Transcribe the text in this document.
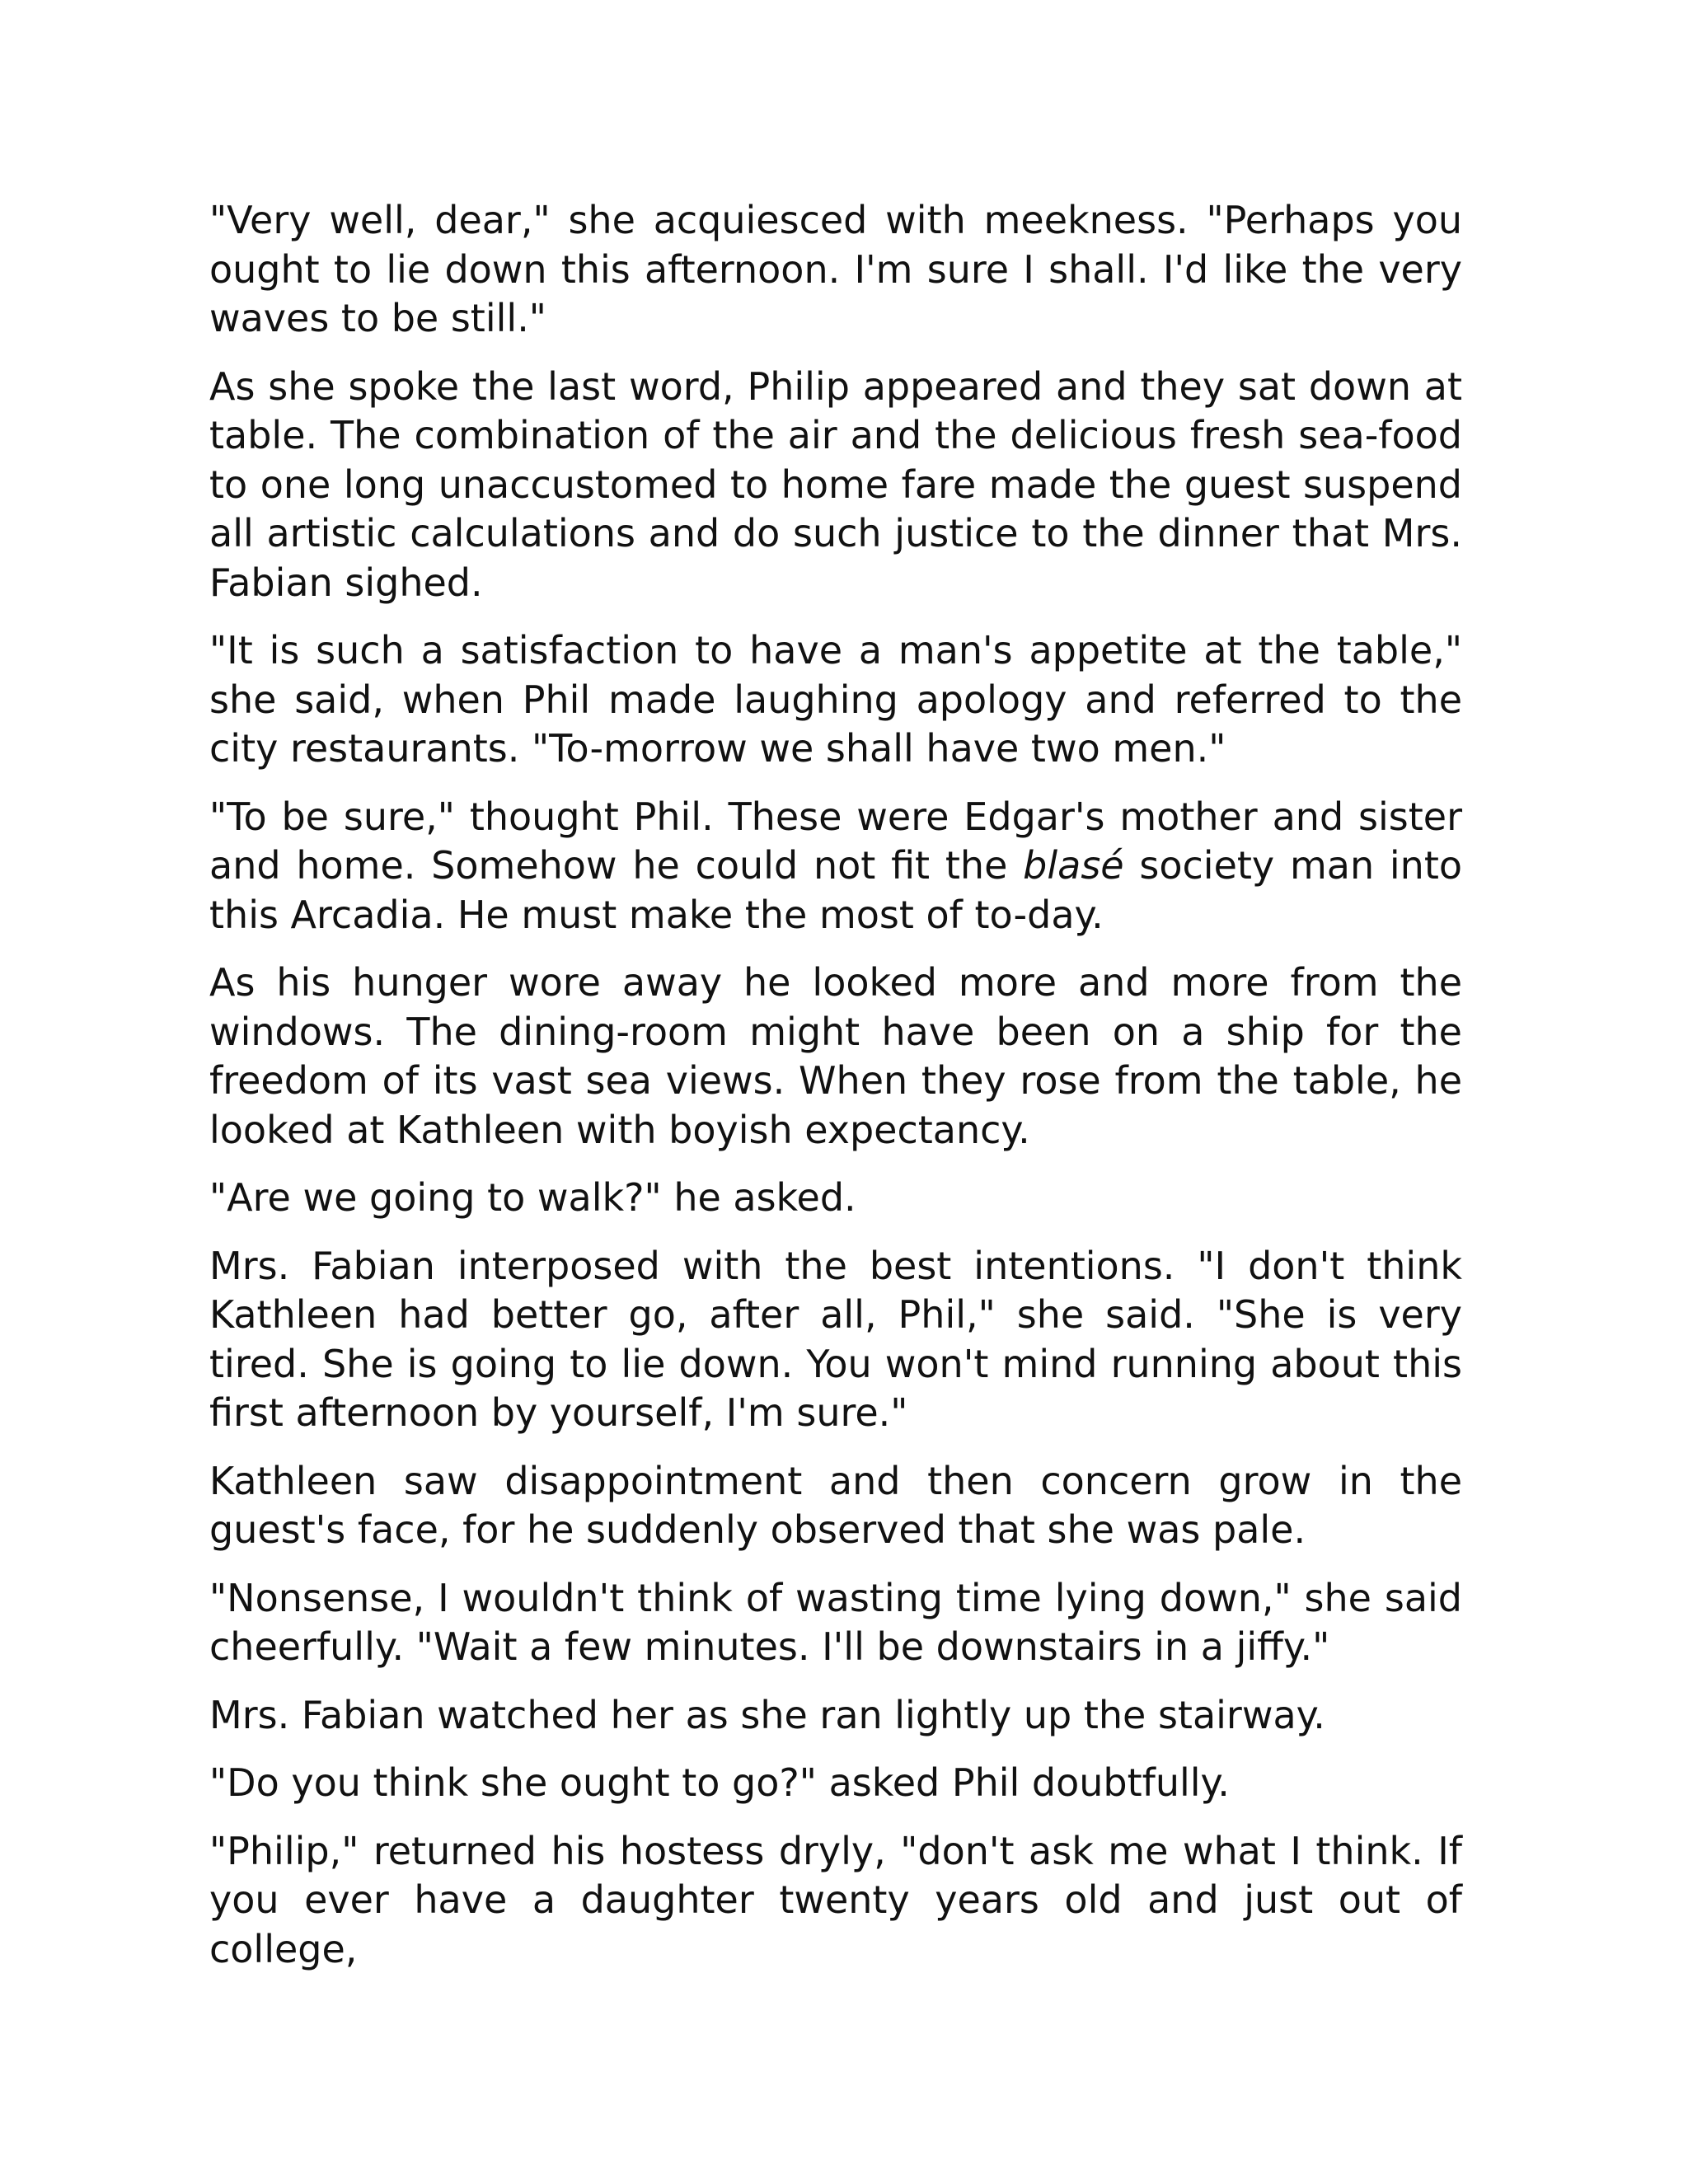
"Very well, dear," she acquiesced with meekness. "Perhaps you ought to lie down this afternoon. I'm sure I shall. I'd like the very waves to be still."

As she spoke the last word, Philip appeared and they sat down at table. The combination of the air and the delicious fresh sea-food to one long unaccustomed to home fare made the guest suspend all artistic calculations and do such justice to the dinner that Mrs. Fabian sighed.

"It is such a satisfaction to have a man's appetite at the table," she said, when Phil made laughing apology and referred to the city restaurants. "To-morrow we shall have two men."

"To be sure," thought Phil. These were Edgar's mother and sister and home. Somehow he could not fit the blasé society man into this Arcadia. He must make the most of to-day.

As his hunger wore away he looked more and more from the windows. The dining-room might have been on a ship for the freedom of its vast sea views. When they rose from the table, he looked at Kathleen with boyish expectancy.

"Are we going to walk?" he asked.

Mrs. Fabian interposed with the best intentions. "I don't think Kathleen had better go, after all, Phil," she said. "She is very tired. She is going to lie down. You won't mind running about this first afternoon by yourself, I'm sure."

Kathleen saw disappointment and then concern grow in the guest's face, for he suddenly observed that she was pale.

"Nonsense, I wouldn't think of wasting time lying down," she said cheerfully. "Wait a few minutes. I'll be downstairs in a jiffy."

Mrs. Fabian watched her as she ran lightly up the stairway.

"Do you think she ought to go?" asked Phil doubtfully.

"Philip," returned his hostess dryly, "don't ask me what I think. If you ever have a daughter twenty years old and just out of college,
